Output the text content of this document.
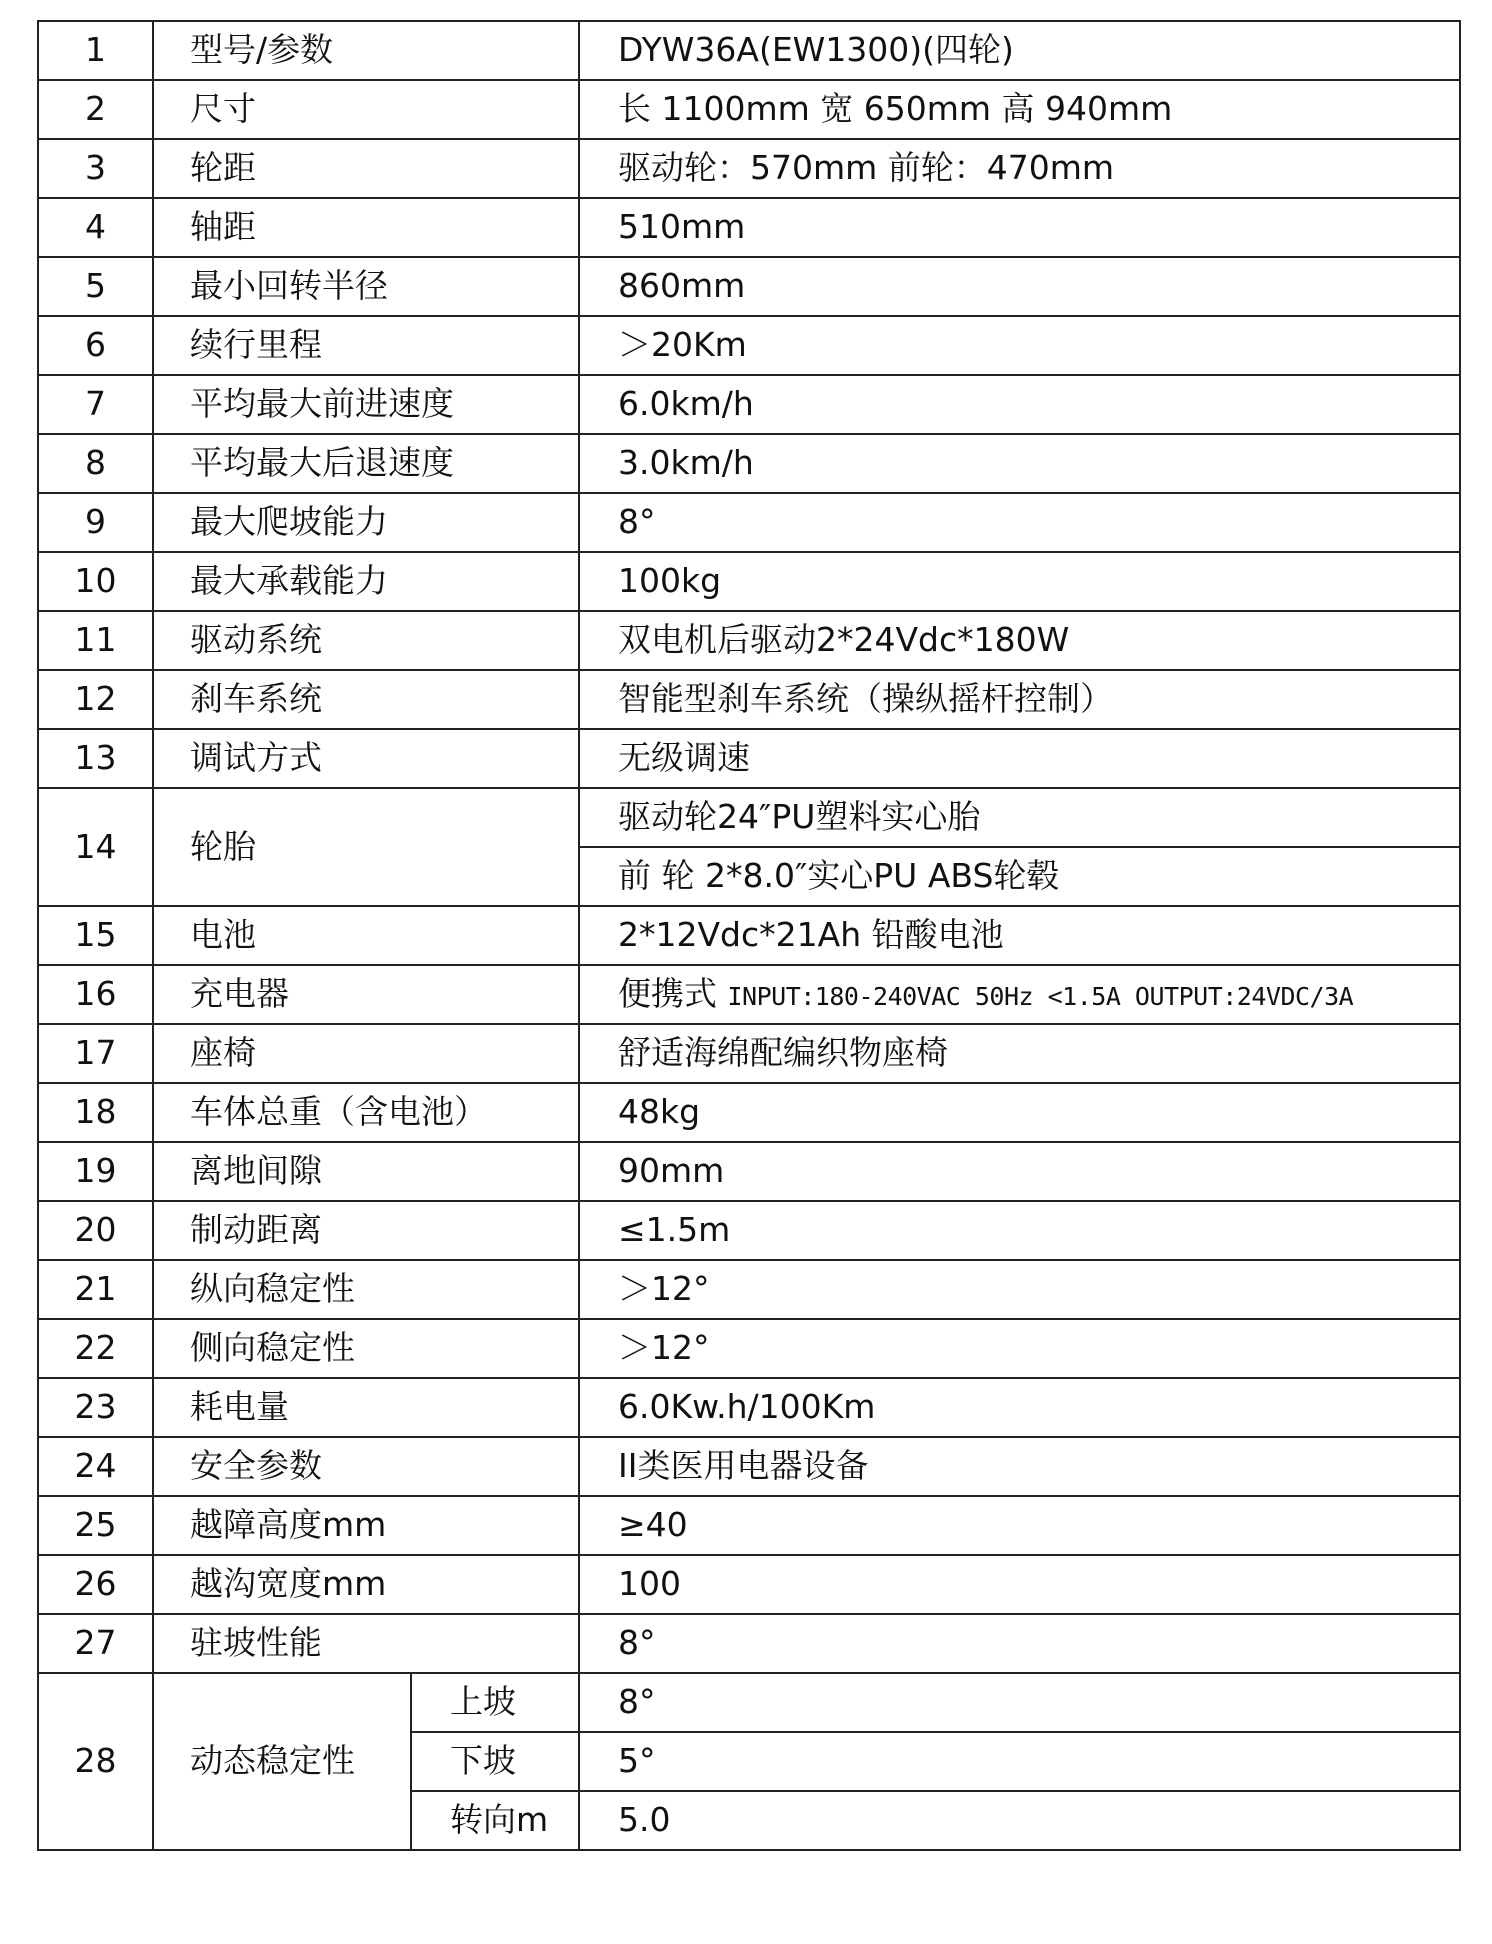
1	型号/参数		DYW36A(EW1300)(四轮)
2	尺寸		长 1100mm 宽 650mm 高 940mm
3	轮距		驱动轮：570mm 前轮：470mm
4	轴距		510mm
5	最小回转半径		860mm
6	续行里程		＞20Km
7	平均最大前进速度		6.0km/h
8	平均最大后退速度		3.0km/h
9	最大爬坡能力		8°
10	最大承载能力		100kg
11	驱动系统		双电机后驱动2*24Vdc*180W
12	刹车系统		智能型刹车系统（操纵摇杆控制）
13	调试方式		无级调速
14	轮胎		驱动轮24″PU塑料实心胎
			前 轮 2*8.0″实心PU ABS轮毂
15	电池		2*12Vdc*21Ah 铅酸电池
16	充电器		便携式 INPUT:180-240VAC 50Hz <1.5A OUTPUT:24VDC/3A
17	座椅		舒适海绵配编织物座椅
18	车体总重（含电池）		48kg
19	离地间隙		90mm
20	制动距离		≤1.5m
21	纵向稳定性		＞12°
22	侧向稳定性		＞12°
23	耗电量		6.0Kw.h/100Km
24	安全参数		II类医用电器设备
25	越障高度mm		≥40
26	越沟宽度mm		100
27	驻坡性能		8°
28	动态稳定性	上坡	8°
		下坡	5°
		转向m	5.0
